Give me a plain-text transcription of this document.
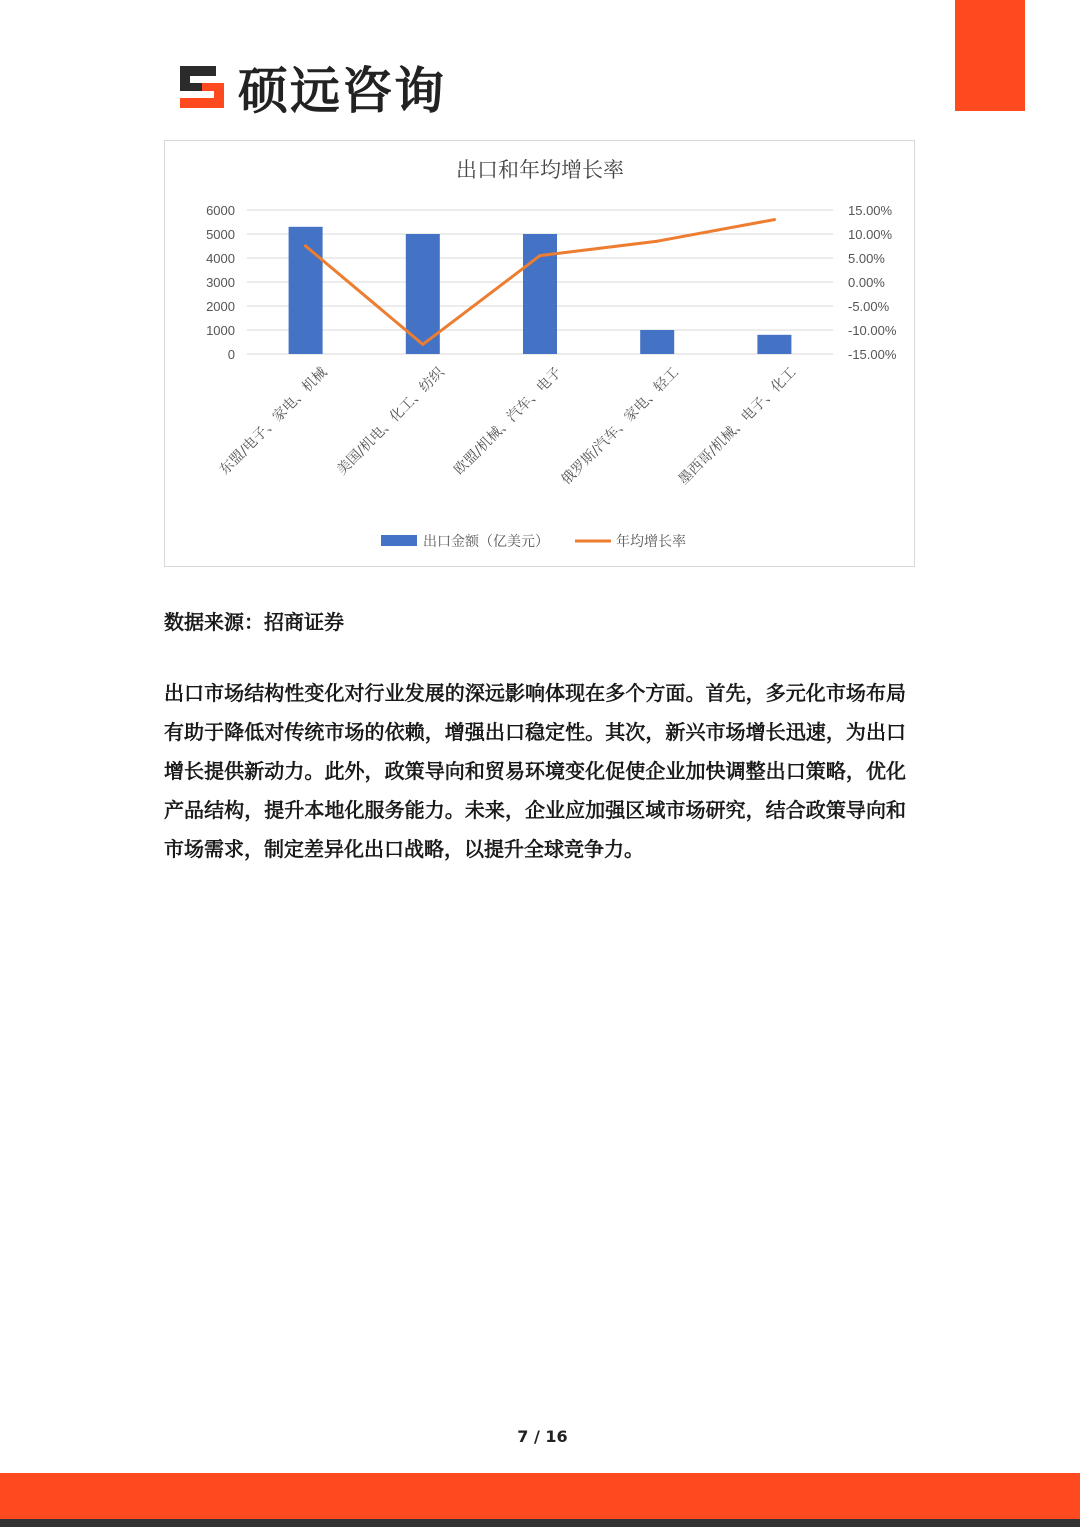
硕远咨询
出口和年均增长率
6000	15.00%
5000	10.00%
4000	5.00%
3000	0.00%
2000	-5.00%
1000	-10.00%
0	-15.00%
东盟/电子、家电、机械 美国/机电、化工、纺织 欧盟/机械、汽车、电子
俄罗斯/汽车、家电、轻工
墨西哥/机械、电子、化工
出口金额（亿美元）	年均增长率
数据来源：招商证券
出口市场结构性变化对行业发展的深远影响体现在多个方面。首先，多元化市场布局有助于降低对传统市场的依赖，增强出口稳定性。其次，新兴市场增长迅速，为出口增长提供新动力。此外，政策导向和贸易环境变化促使企业加快调整出口策略，优化产品结构，提升本地化服务能力。未来，企业应加强区域市场研究，结合政策导向和市场需求，制定差异化出口战略，以提升全球竞争力。
7 / 16
